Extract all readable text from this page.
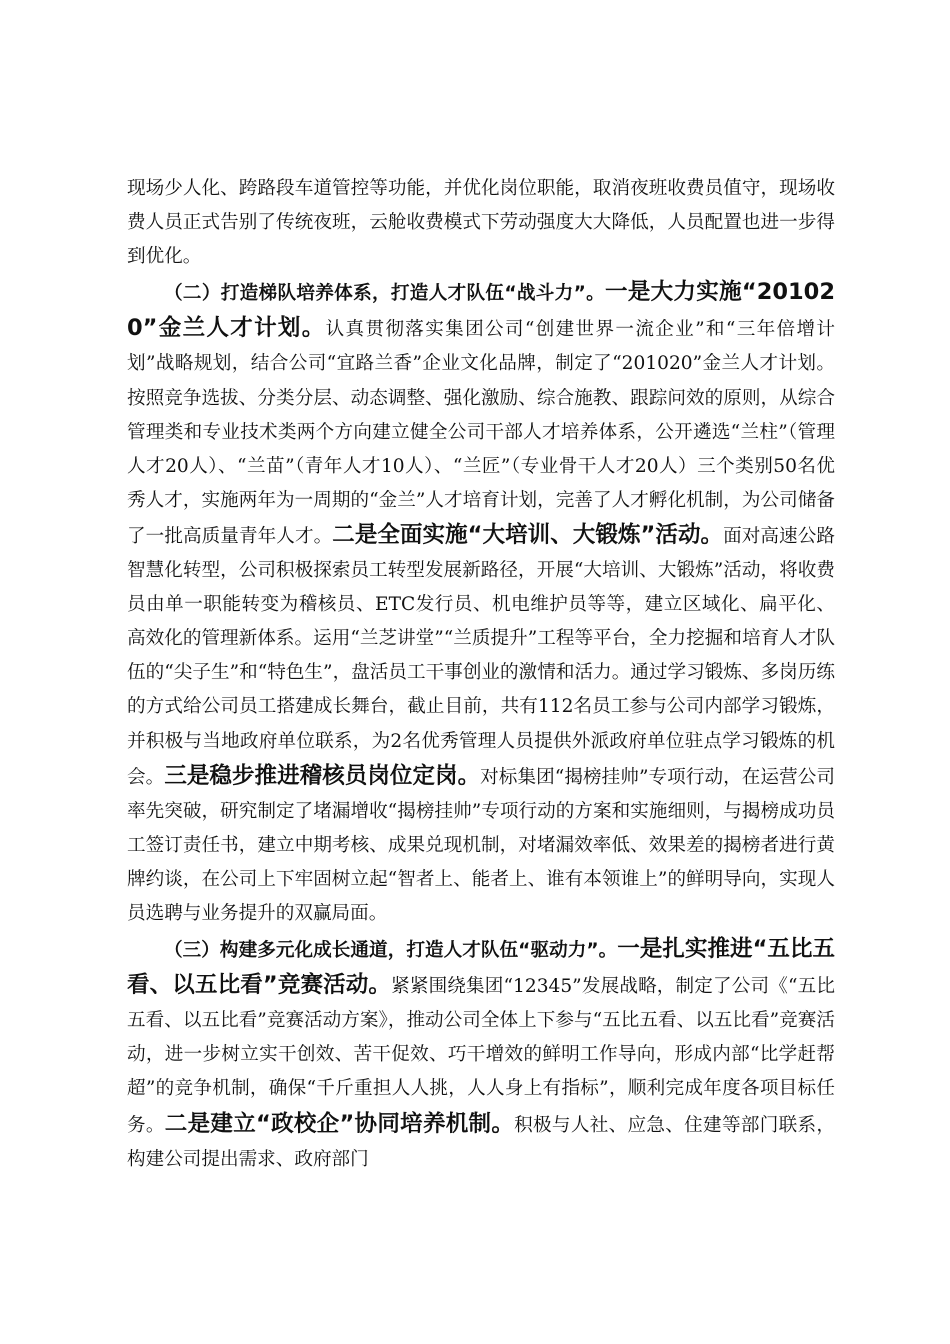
现场少人化、跨路段车道管控等功能，并优化岗位职能，取消夜班收费员值守，现场收费人员正式告别了传统夜班，云舱收费模式下劳动强度大大降低，人员配置也进一步得到优化。

（二）打造梯队培养体系，打造人才队伍“战斗力”。一是大力实施“201020”金兰人才计划。认真贯彻落实集团公司“创建世界一流企业”和“三年倍增计划”战略规划，结合公司“宜路兰香”企业文化品牌，制定了“201020”金兰人才计划。按照竞争选拔、分类分层、动态调整、强化激励、综合施教、跟踪问效的原则，从综合管理类和专业技术类两个方向建立健全公司干部人才培养体系，公开遴选“兰柱”（管理人才20人）、“兰苗”（青年人才10人）、“兰匠”（专业骨干人才20人）三个类别50名优秀人才，实施两年为一周期的“金兰”人才培育计划，完善了人才孵化机制，为公司储备了一批高质量青年人才。二是全面实施“大培训、大锻炼”活动。面对高速公路智慧化转型，公司积极探索员工转型发展新路径，开展“大培训、大锻炼”活动，将收费员由单一职能转变为稽核员、ETC发行员、机电维护员等等，建立区域化、扁平化、高效化的管理新体系。运用“兰芝讲堂”“兰质提升”工程等平台，全力挖掘和培育人才队伍的“尖子生”和“特色生”，盘活员工干事创业的激情和活力。通过学习锻炼、多岗历练的方式给公司员工搭建成长舞台，截止目前，共有112名员工参与公司内部学习锻炼，并积极与当地政府单位联系，为2名优秀管理人员提供外派政府单位驻点学习锻炼的机会。三是稳步推进稽核员岗位定岗。对标集团“揭榜挂帅”专项行动，在运营公司率先突破，研究制定了堵漏增收“揭榜挂帅”专项行动的方案和实施细则，与揭榜成功员工签订责任书，建立中期考核、成果兑现机制，对堵漏效率低、效果差的揭榜者进行黄牌约谈，在公司上下牢固树立起“智者上、能者上、谁有本领谁上”的鲜明导向，实现人员选聘与业务提升的双赢局面。

（三）构建多元化成长通道，打造人才队伍“驱动力”。一是扎实推进“五比五看、以五比看”竞赛活动。紧紧围绕集团“12345”发展战略，制定了公司《“五比五看、以五比看”竞赛活动方案》，推动公司全体上下参与“五比五看、以五比看”竞赛活动，进一步树立实干创效、苦干促效、巧干增效的鲜明工作导向，形成内部“比学赶帮超”的竞争机制，确保“千斤重担人人挑，人人身上有指标”，顺利完成年度各项目标任务。二是建立“政校企”协同培养机制。积极与人社、应急、住建等部门联系，构建公司提出需求、政府部门
